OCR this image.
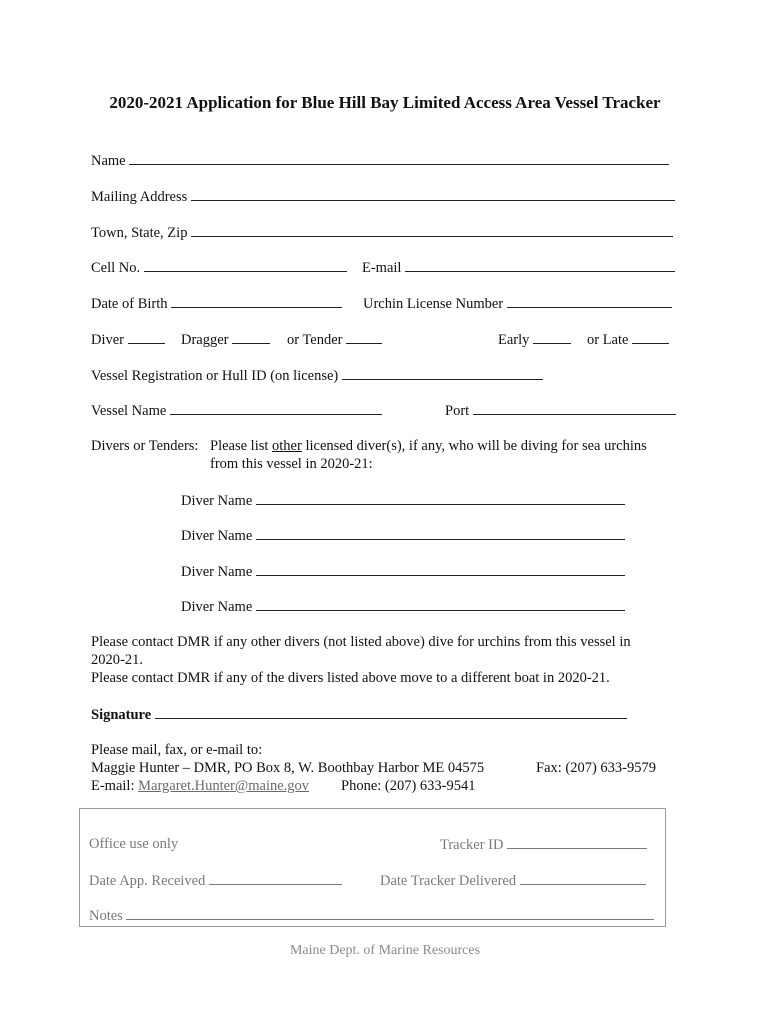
2020-2021 Application for Blue Hill Bay Limited Access Area Vessel Tracker
Name
Mailing Address
Town, State, Zip
Cell No.	E-mail
Date of Birth	Urchin License Number
Diver	Dragger	or Tender	Early	or Late
Vessel Registration or Hull ID (on license)
Vessel Name	Port
Divers or Tenders: Please list other licensed diver(s), if any, who will be diving for sea urchins
from this vessel in 2020-21:
Diver Name
Diver Name
Diver Name
Diver Name
Please contact DMR if any other divers (not listed above) dive for urchins from this vessel in
2020-21.
Please contact DMR if any of the divers listed above move to a different boat in 2020-21.
Signature
Please mail, fax, or e-mail to:
Maggie Hunter – DMR, PO Box 8, W. Boothbay Harbor ME 04575	Fax: (207) 633-9579
E-mail: Margaret.Hunter@maine.gov Phone: (207) 633-9541
Office use only	Tracker ID
Date App. Received	Date Tracker Delivered
Notes
Maine Dept. of Marine Resources
